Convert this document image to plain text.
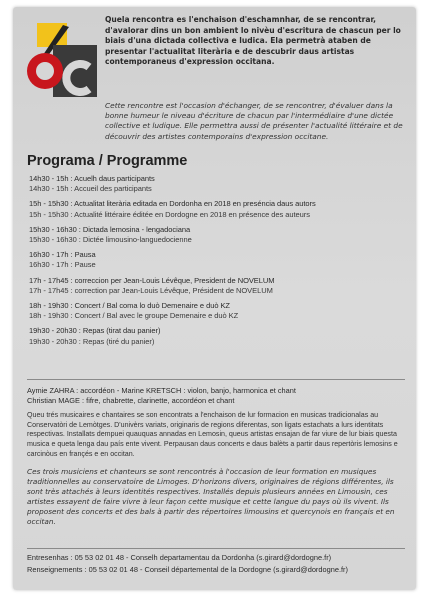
Quela rencontra es l'enchaison d'eschamnhar, de se rencontrar, d'avalorar dins un bon ambient lo nivèu d'escritura de chascun per lo biais d'una dictada collectiva e ludica. Ela permetrà ataben de presentar l'actualitat literària e de descubrir daus artistas contemporaneus d'expression occitana.

Cette rencontre est l'occasion d'échanger, de se rencontrer, d'évaluer dans la bonne humeur le niveau d'écriture de chacun par l'intermédiaire d'une dictée collective et ludique. Elle permettra aussi de présenter l'actualité littéraire et de découvrir des artistes contemporains d'expression occitane.

Programa / Programme
14h30 - 15h : Acuelh daus participants
14h30 - 15h : Accueil des participants
15h - 15h30 : Actualitat literària editada en Dordonha en 2018 en preséncia daus autors
15h - 15h30 : Actualité littéraire éditée en Dordogne en 2018 en présence des auteurs
15h30 - 16h30 : Dictada lemosina - lengadociana
15h30 - 16h30 : Dictée limousino-languedocienne
16h30 - 17h : Pausa
16h30 - 17h : Pause
17h - 17h45 : correccion per Jean-Louis Lévêque, President de NOVELUM
17h - 17h45 : correction par Jean-Louis Lévêque, Président de NOVELUM
18h - 19h30 : Concert / Bal coma lo duò Demenaire e duò KZ
18h - 19h30 : Concert / Bal avec le groupe Demenaire e duò KZ
19h30 - 20h30 : Repas (tirat dau panier)
19h30 - 20h30 : Repas (tiré du panier)
Aymie ZAHRA : accordéon - Marine KRETSCH : violon, banjo, harmonica et chant
Christian MAGE : fifre, chabrette, clarinette, accordéon et chant

Queu trés musicaires e chantaires se son encontrats a l'enchaison de lur formacion en musicas tradicionalas au Conservatòri de Lemòtges. D'univèrs variats, originaris de regions diferentas, son ligats estachats a lurs identitats respectivas. Installats dempuei quauquas annadas en Lemosin, queus artistas ensajan de far viure de lur biais questa musica e queta lenga dau país ente vivent. Perpausan daus concerts e daus balèts a partir daus repertòris lemosins e carcinòus en françés e en occitan.

Ces trois musiciens et chanteurs se sont rencontrés à l'occasion de leur formation en musiques traditionnelles au conservatoire de Limoges. D'horizons divers, originaires de régions différentes, ils sont très attachés à leurs identités respectives. Installés depuis plusieurs années en Limousin, ces artistes essayent de faire vivre à leur façon cette musique et cette langue du pays où ils vivent. Ils proposent des concerts et des bals à partir des répertoires limousins et quercynois en français et en occitan.

Entresenhas : 05 53 02 01 48 - Conselh departamentau da Dordonha (s.girard@dordogne.fr)
Renseignements : 05 53 02 01 48 - Conseil départemental de la Dordogne (s.girard@dordogne.fr)
